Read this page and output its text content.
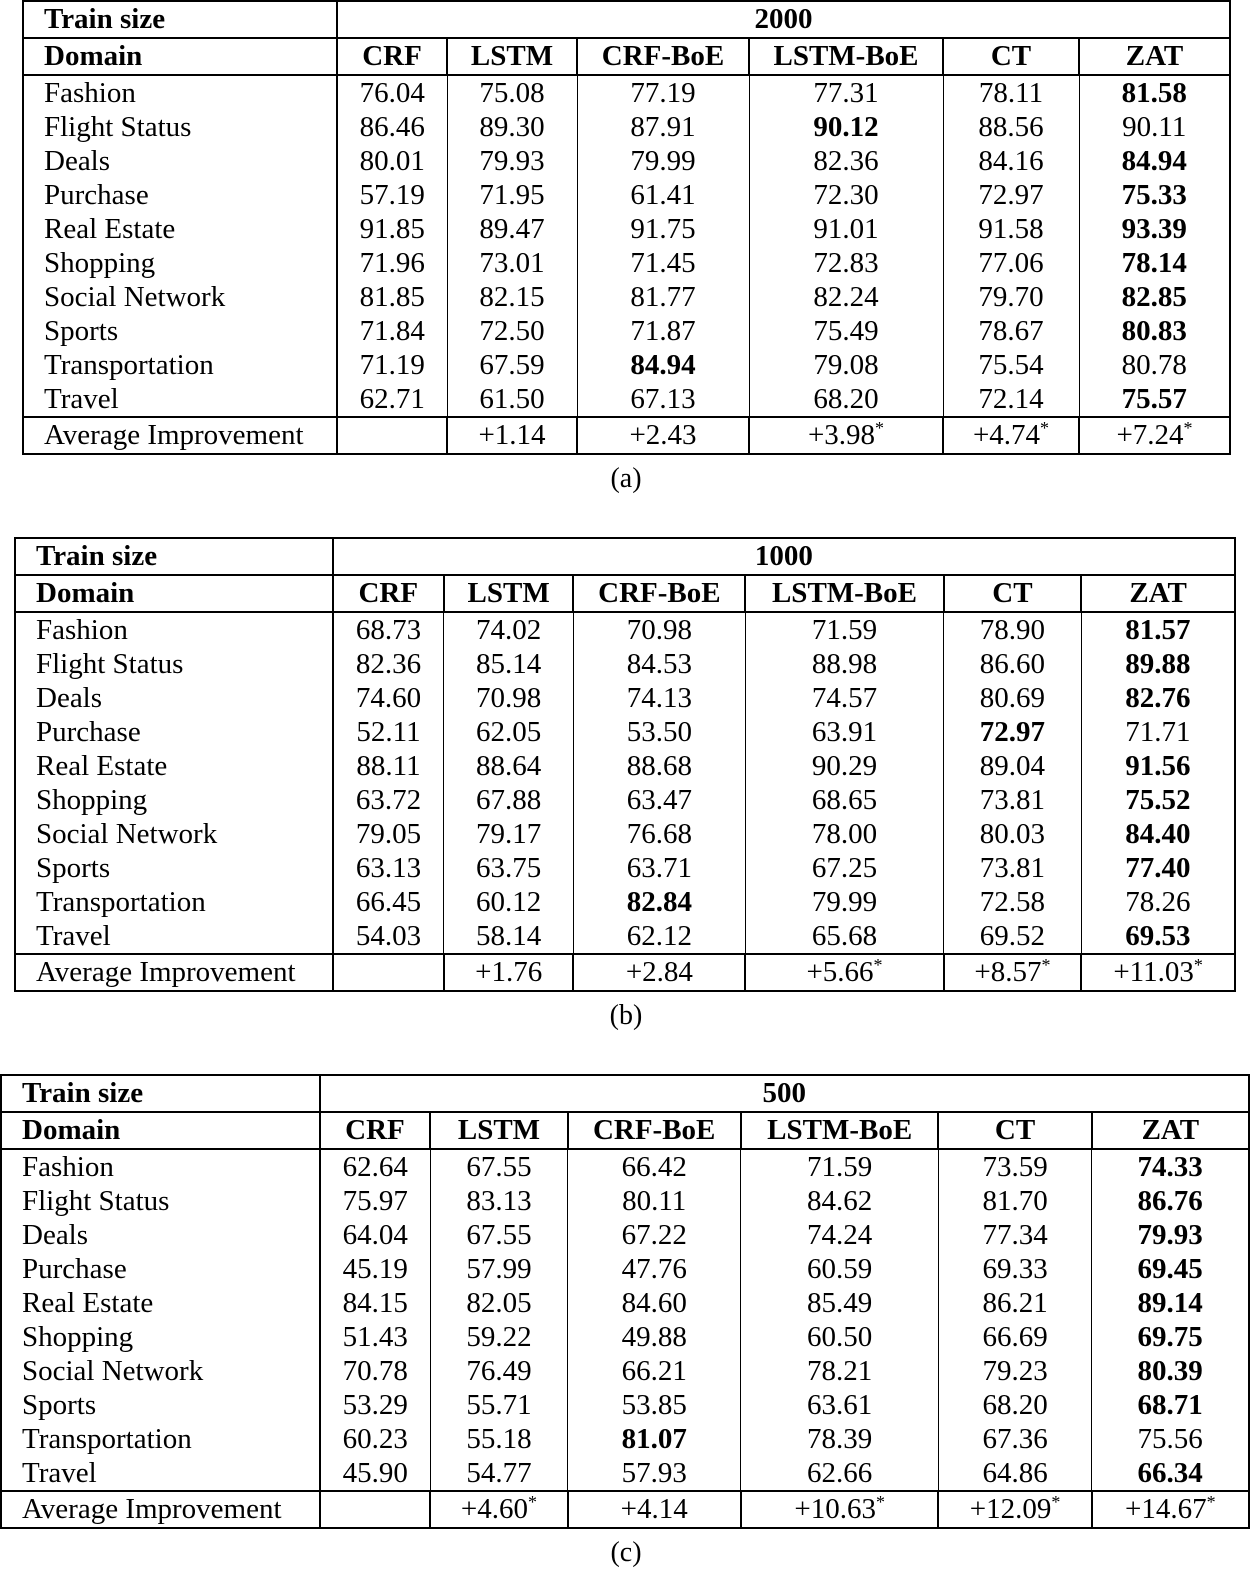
Train size	2000					
Domain	CRF	LSTM	CRF-BoE	LSTM-BoE	CT	ZAT
Fashion	76.04	75.08	77.19	77.31	78.11	81.58
Flight Status	86.46	89.30	87.91	90.12	88.56	90.11
Deals	80.01	79.93	79.99	82.36	84.16	84.94
Purchase	57.19	71.95	61.41	72.30	72.97	75.33
Real Estate	91.85	89.47	91.75	91.01	91.58	93.39
Shopping	71.96	73.01	71.45	72.83	77.06	78.14
Social Network	81.85	82.15	81.77	82.24	79.70	82.85
Sports	71.84	72.50	71.87	75.49	78.67	80.83
Transportation	71.19	67.59	84.94	79.08	75.54	80.78
Travel	62.71	61.50	67.13	68.20	72.14	75.57
Average Improvement		+1.14	+2.43	+3.98*	+4.74*	+7.24*
(a)
Train size	1000					
Domain	CRF	LSTM	CRF-BoE	LSTM-BoE	CT	ZAT
Fashion	68.73	74.02	70.98	71.59	78.90	81.57
Flight Status	82.36	85.14	84.53	88.98	86.60	89.88
Deals	74.60	70.98	74.13	74.57	80.69	82.76
Purchase	52.11	62.05	53.50	63.91	72.97	71.71
Real Estate	88.11	88.64	88.68	90.29	89.04	91.56
Shopping	63.72	67.88	63.47	68.65	73.81	75.52
Social Network	79.05	79.17	76.68	78.00	80.03	84.40
Sports	63.13	63.75	63.71	67.25	73.81	77.40
Transportation	66.45	60.12	82.84	79.99	72.58	78.26
Travel	54.03	58.14	62.12	65.68	69.52	69.53
Average Improvement		+1.76	+2.84	+5.66*	+8.57*	+11.03*
(b)
Train size	500					
Domain	CRF	LSTM	CRF-BoE	LSTM-BoE	CT	ZAT
Fashion	62.64	67.55	66.42	71.59	73.59	74.33
Flight Status	75.97	83.13	80.11	84.62	81.70	86.76
Deals	64.04	67.55	67.22	74.24	77.34	79.93
Purchase	45.19	57.99	47.76	60.59	69.33	69.45
Real Estate	84.15	82.05	84.60	85.49	86.21	89.14
Shopping	51.43	59.22	49.88	60.50	66.69	69.75
Social Network	70.78	76.49	66.21	78.21	79.23	80.39
Sports	53.29	55.71	53.85	63.61	68.20	68.71
Transportation	60.23	55.18	81.07	78.39	67.36	75.56
Travel	45.90	54.77	57.93	62.66	64.86	66.34
Average Improvement		+4.60*	+4.14	+10.63*	+12.09*	+14.67*
(c)
